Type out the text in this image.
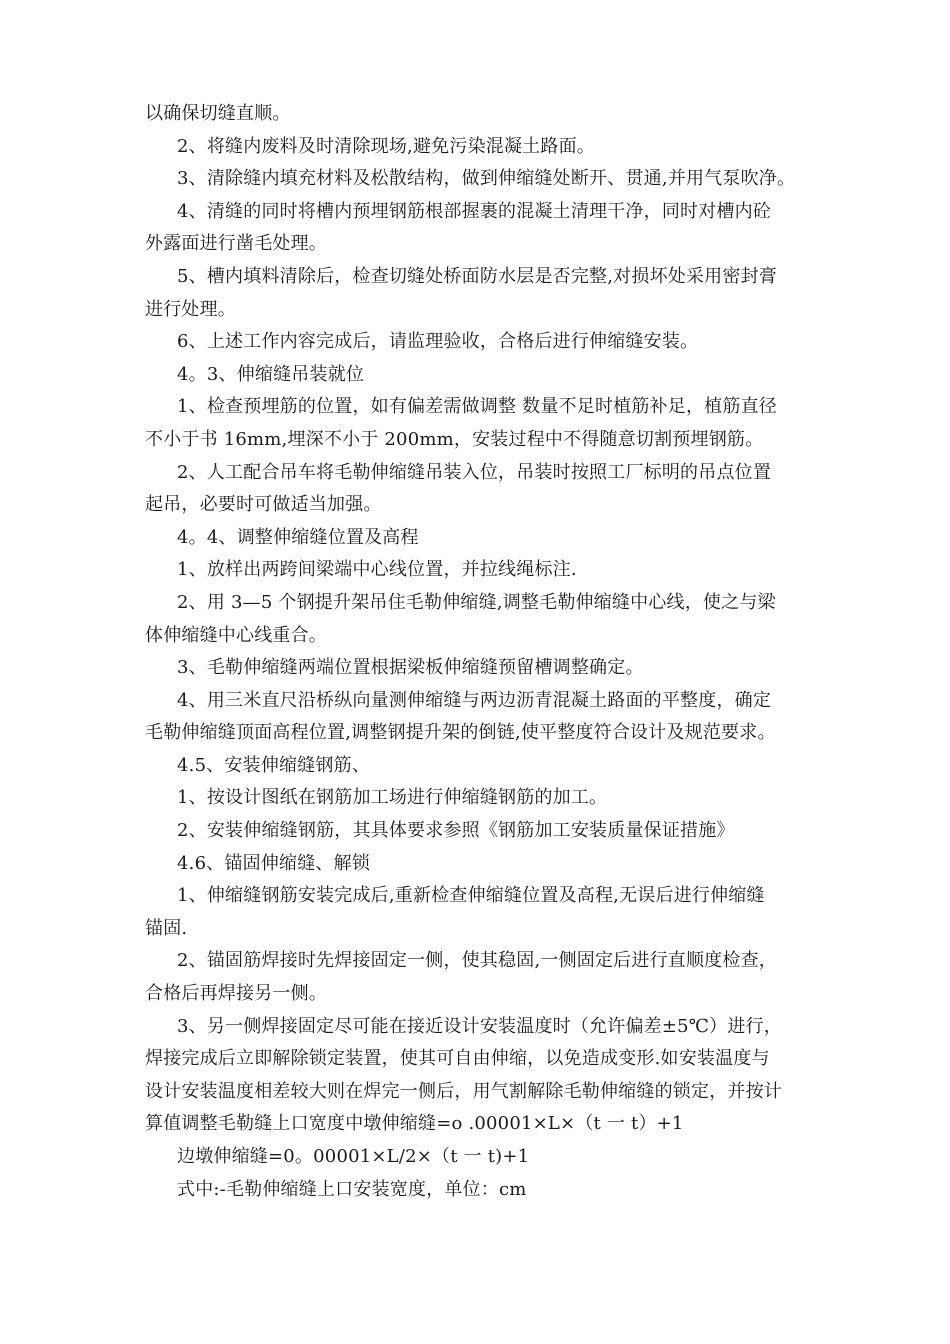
以确保切缝直顺。
2、将缝内废料及时清除现场,避免污染混凝土路面。
3、清除缝内填充材料及松散结构，做到伸缩缝处断开、贯通,并用气泵吹净。
4、清缝的同时将槽内预埋钢筋根部握裹的混凝土清理干净，同时对槽内砼
外露面进行凿毛处理。
5、槽内填料清除后，检查切缝处桥面防水层是否完整,对损坏处采用密封膏
进行处理。
6、上述工作内容完成后，请监理验收，合格后进行伸缩缝安装。
4。3、伸缩缝吊装就位
1、检查预埋筋的位置，如有偏差需做调整 数量不足时植筋补足，植筋直径
不小于书 16mm,埋深不小于 200mm，安装过程中不得随意切割预埋钢筋。
2、人工配合吊车将毛勒伸缩缝吊装入位，吊装时按照工厂标明的吊点位置
起吊，必要时可做适当加强。
4。4、调整伸缩缝位置及高程
1、放样出两跨间梁端中心线位置，并拉线绳标注.
2、用 3—5 个钢提升架吊住毛勒伸缩缝,调整毛勒伸缩缝中心线，使之与梁
体伸缩缝中心线重合。
3、毛勒伸缩缝两端位置根据梁板伸缩缝预留槽调整确定。
4、用三米直尺沿桥纵向量测伸缩缝与两边沥青混凝土路面的平整度，确定
毛勒伸缩缝顶面高程位置,调整钢提升架的倒链,使平整度符合设计及规范要求。
4.5、安装伸缩缝钢筋、
1、按设计图纸在钢筋加工场进行伸缩缝钢筋的加工。
2、安装伸缩缝钢筋，其具体要求参照《钢筋加工安装质量保证措施》
4.6、锚固伸缩缝、解锁
1、伸缩缝钢筋安装完成后,重新检查伸缩缝位置及高程,无误后进行伸缩缝
锚固.
2、锚固筋焊接时先焊接固定一侧，使其稳固,一侧固定后进行直顺度检查，
合格后再焊接另一侧。
3、另一侧焊接固定尽可能在接近设计安装温度时（允许偏差±5℃）进行，
焊接完成后立即解除锁定装置，使其可自由伸缩，以免造成变形.如安装温度与
设计安装温度相差较大则在焊完一侧后，用气割解除毛勒伸缩缝的锁定，并按计
算值调整毛勒缝上口宽度中墩伸缩缝=o .00001×L×（t 一 t）+1
边墩伸缩缝=0。00001×L/2×（t 一 t)+1
式中:-毛勒伸缩缝上口安装宽度，单位：cm
